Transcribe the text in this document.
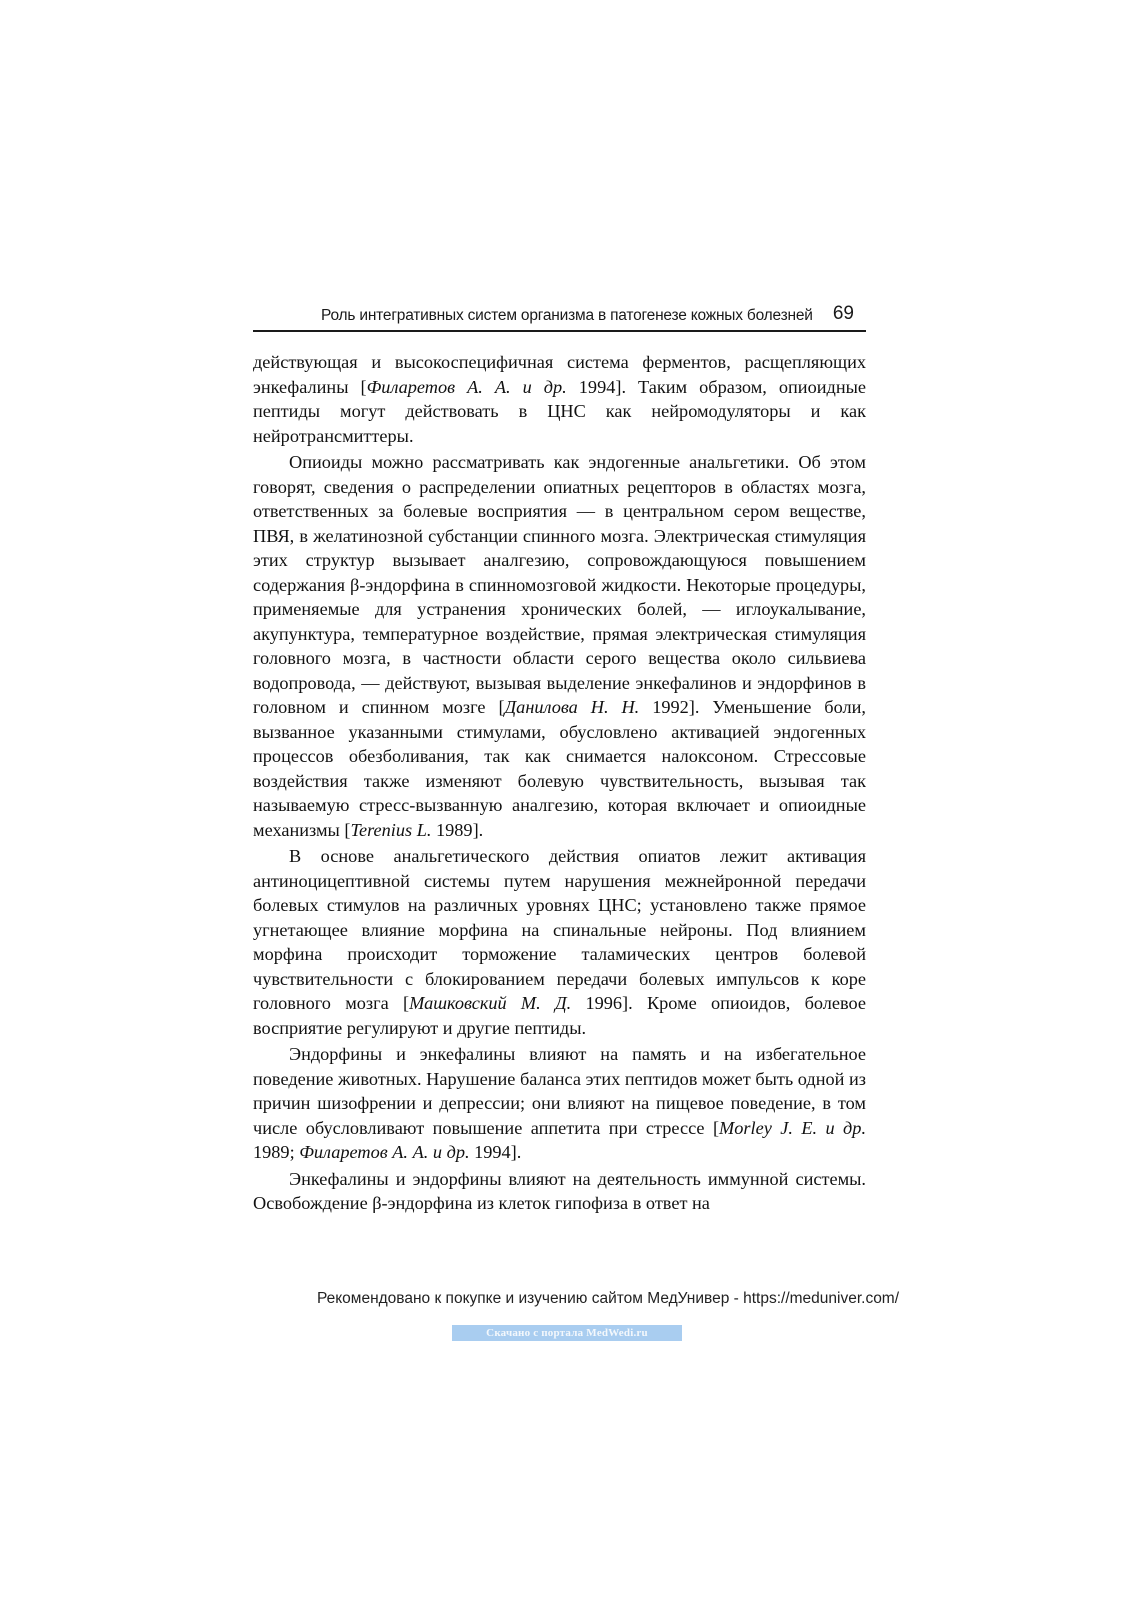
Роль интегративных систем организма в патогенезе кожных болезней 69

действующая и высокоспецифичная система ферментов, расщепляющих энкефалины [Филаретов А. А. и др. 1994]. Таким образом, опиоидные пептиды могут действовать в ЦНС как нейромодуляторы и как нейротрансмиттеры.

Опиоиды можно рассматривать как эндогенные анальгетики. Об этом говорят, сведения о распределении опиатных рецепторов в областях мозга, ответственных за болевые восприятия — в центральном сером веществе, ПВЯ, в желатинозной субстанции спинного мозга. Электрическая стимуляция этих структур вызывает аналгезию, сопровождающуюся повышением содержания β-эндорфина в спинномозговой жидкости. Некоторые процедуры, применяемые для устранения хронических болей, — иглоукалывание, акупунктура, температурное воздействие, прямая электрическая стимуляция головного мозга, в частности области серого вещества около сильвиева водопровода, — действуют, вызывая выделение энкефалинов и эндорфинов в головном и спинном мозге [Данилова Н. Н. 1992]. Уменьшение боли, вызванное указанными стимулами, обусловлено активацией эндогенных процессов обезболивания, так как снимается налоксоном. Стрессовые воздействия также изменяют болевую чувствительность, вызывая так называемую стресс-вызванную аналгезию, которая включает и опиоидные механизмы [Terenius L. 1989].

В основе анальгетического действия опиатов лежит активация антиноцицептивной системы путем нарушения межнейронной передачи болевых стимулов на различных уровнях ЦНС; установлено также прямое угнетающее влияние морфина на спинальные нейроны. Под влиянием морфина происходит торможение таламических центров болевой чувствительности с блокированием передачи болевых импульсов к коре головного мозга [Машковский М. Д. 1996]. Кроме опиоидов, болевое восприятие регулируют и другие пептиды.

Эндорфины и энкефалины влияют на память и на избегательное поведение животных. Нарушение баланса этих пептидов может быть одной из причин шизофрении и депрессии; они влияют на пищевое поведение, в том числе обусловливают повышение аппетита при стрессе [Morley J. E. и др. 1989; Филаретов А. А. и др. 1994].

Энкефалины и эндорфины влияют на деятельность иммунной системы. Освобождение β-эндорфина из клеток гипофиза в ответ на

Рекомендовано к покупке и изучению сайтом МедУнивер - https://meduniver.com/
Скачано с портала MedWedi.ru
